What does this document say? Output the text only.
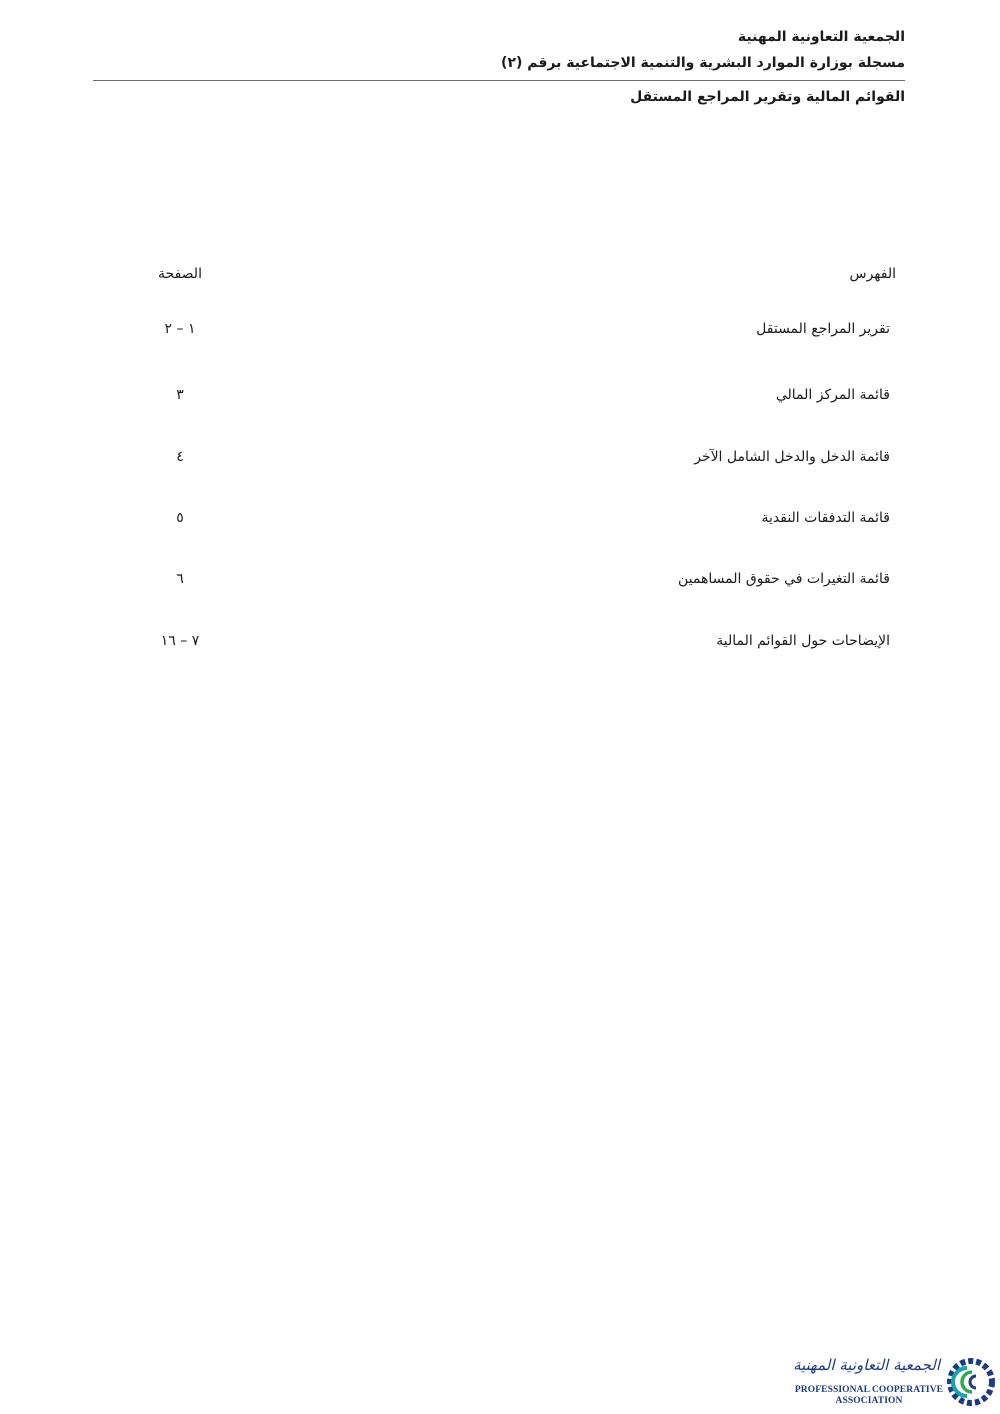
الجمعية التعاونية المهنية
مسجلة بوزارة الموارد البشرية والتنمية الاجتماعية برقم (٢)
القوائم المالية وتقرير المراجع المستقل
الفهرس
الصفحة
تقرير المراجع المستقل
١ – ٢
قائمة المركز المالي
٣
قائمة الدخل والدخل الشامل الآخر
٤
قائمة التدفقات النقدية
٥
قائمة التغيرات في حقوق المساهمين
٦
الإيضاحات حول القوائم المالية
٧ – ١٦
الجمعية التعاونية المهنية
PROFESSIONAL COOPERATIVE
ASSOCIATION
